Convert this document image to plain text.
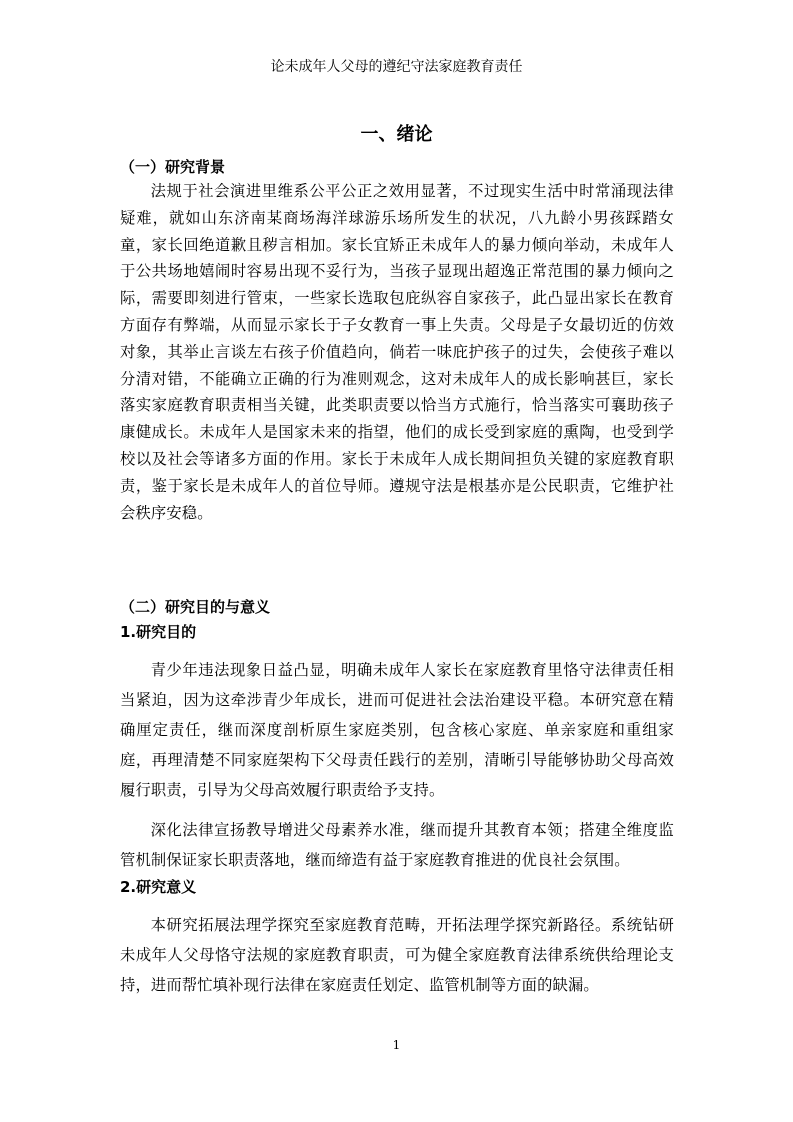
论未成年人父母的遵纪守法家庭教育责任
一、绪论
（一）研究背景

法规于社会演进里维系公平公正之效用显著，不过现实生活中时常涌现法律疑难，就如山东济南某商场海洋球游乐场所发生的状况，八九龄小男孩踩踏女童，家长回绝道歉且秽言相加。家长宜矫正未成年人的暴力倾向举动，未成年人于公共场地嬉闹时容易出现不妥行为，当孩子显现出超逸正常范围的暴力倾向之际，需要即刻进行管束，一些家长选取包庇纵容自家孩子，此凸显出家长在教育方面存有弊端，从而显示家长于子女教育一事上失责。父母是子女最切近的仿效对象，其举止言谈左右孩子价值趋向，倘若一味庇护孩子的过失，会使孩子难以分清对错，不能确立正确的行为准则观念，这对未成年人的成长影响甚巨，家长落实家庭教育职责相当关键，此类职责要以恰当方式施行，恰当落实可襄助孩子康健成长。未成年人是国家未来的指望，他们的成长受到家庭的熏陶，也受到学校以及社会等诸多方面的作用。家长于未成年人成长期间担负关键的家庭教育职责，鉴于家长是未成年人的首位导师。遵规守法是根基亦是公民职责，它维护社会秩序安稳。

（二）研究目的与意义
1.研究目的

青少年违法现象日益凸显，明确未成年人家长在家庭教育里恪守法律责任相当紧迫，因为这牵涉青少年成长，进而可促进社会法治建设平稳。本研究意在精确厘定责任，继而深度剖析原生家庭类别，包含核心家庭、单亲家庭和重组家庭，再理清楚不同家庭架构下父母责任践行的差别，清晰引导能够协助父母高效履行职责，引导为父母高效履行职责给予支持。

深化法律宣扬教导增进父母素养水准，继而提升其教育本领；搭建全维度监管机制保证家长职责落地，继而缔造有益于家庭教育推进的优良社会氛围。

2.研究意义

本研究拓展法理学探究至家庭教育范畴，开拓法理学探究新路径。系统钻研未成年人父母恪守法规的家庭教育职责，可为健全家庭教育法律系统供给理论支持，进而帮忙填补现行法律在家庭责任划定、监管机制等方面的缺漏。

1
